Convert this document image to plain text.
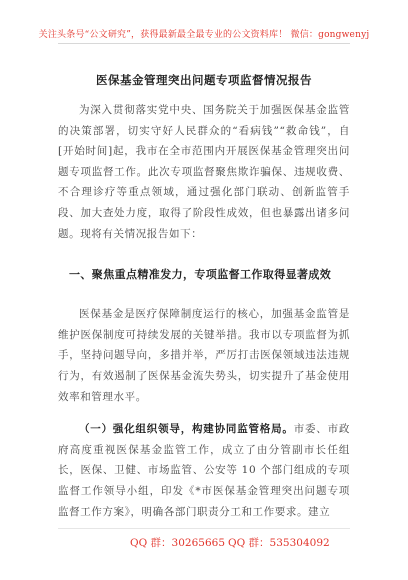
关注头条号“公文研究”，获得最新最全最专业的公文资料库！ 微信：gongwenyj
医保基金管理突出问题专项监督情况报告

为深入贯彻落实党中央、国务院关于加强医保基金监管的决策部署，切实守好人民群众的“看病钱”“救命钱”，自[开始时间]起，我市在全市范围内开展医保基金管理突出问题专项监督工作。此次专项监督聚焦欺诈骗保、违规收费、不合理诊疗等重点领域，通过强化部门联动、创新监管手段、加大查处力度，取得了阶段性成效，但也暴露出诸多问题。现将有关情况报告如下：

一、聚焦重点精准发力，专项监督工作取得显著成效

医保基金是医疗保障制度运行的核心，加强基金监管是维护医保制度可持续发展的关键举措。我市以专项监督为抓手，坚持问题导向，多措并举，严厉打击医保领域违法违规行为，有效遏制了医保基金流失势头，切实提升了基金使用效率和管理水平。

（一）强化组织领导，构建协同监管格局。市委、市政府高度重视医保基金监管工作，成立了由分管副市长任组长，医保、卫健、市场监管、公安等 10 个部门组成的专项监督工作领导小组，印发《*市医保基金管理突出问题专项监督工作方案》，明确各部门职责分工和工作要求。建立

QQ 群：30265665 QQ 群：535304092
